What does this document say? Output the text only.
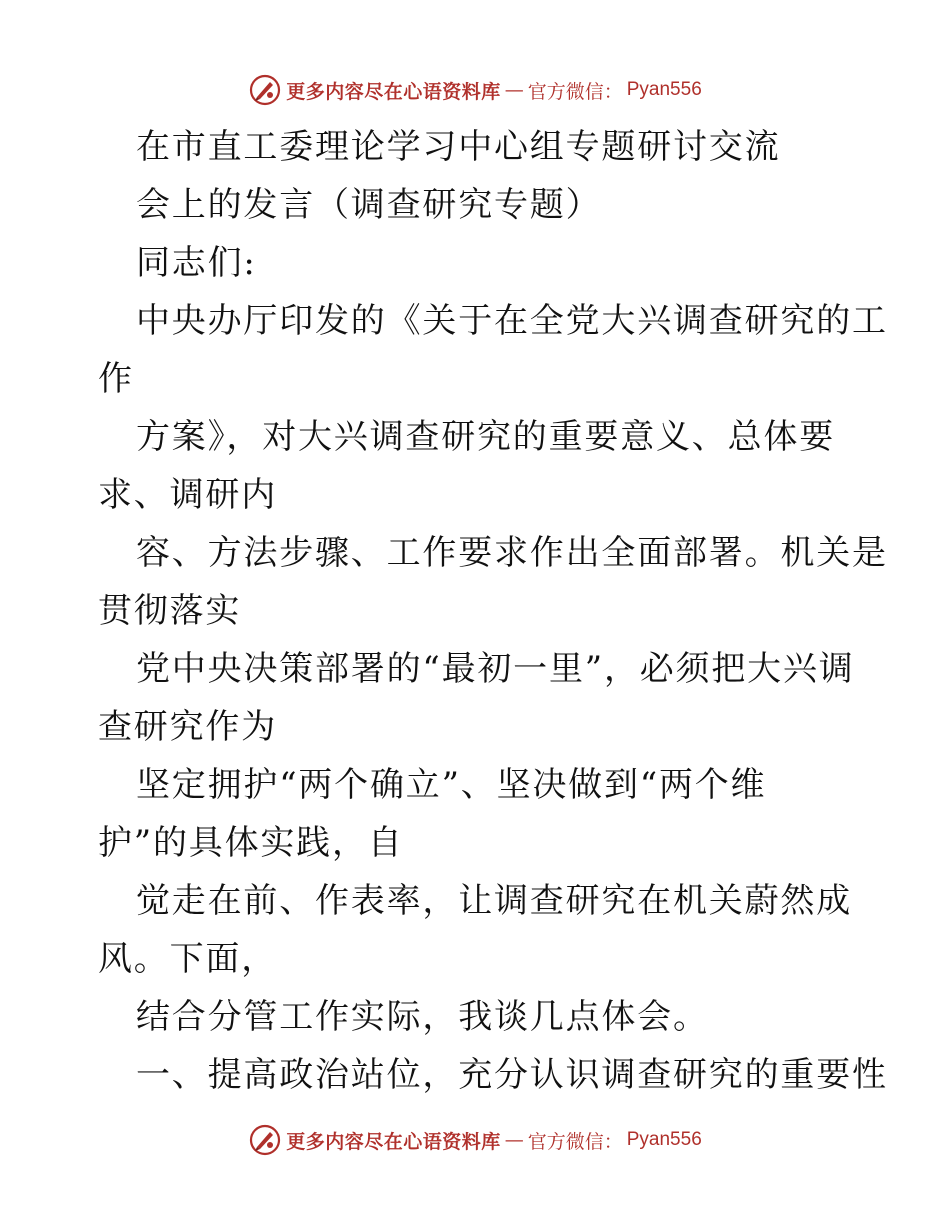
更多内容尽在心语资料库 — 官方微信： Pyan556
在市直工委理论学习中心组专题研讨交流
会上的发言（调查研究专题）
同志们:
中央办厅印发的《关于在全党大兴调查研究的工
作
方案》，对大兴调查研究的重要意义、总体要
求、调研内
容、方法步骤、工作要求作出全面部署。机关是
贯彻落实
党中央决策部署的“最初一里”，必须把大兴调
查研究作为
坚定拥护“两个确立”、坚决做到“两个维
护”的具体实践，自
觉走在前、作表率，让调查研究在机关蔚然成
风。下面，
结合分管工作实际，我谈几点体会。
一、提高政治站位，充分认识调查研究的重要性
更多内容尽在心语资料库 — 官方微信： Pyan556
